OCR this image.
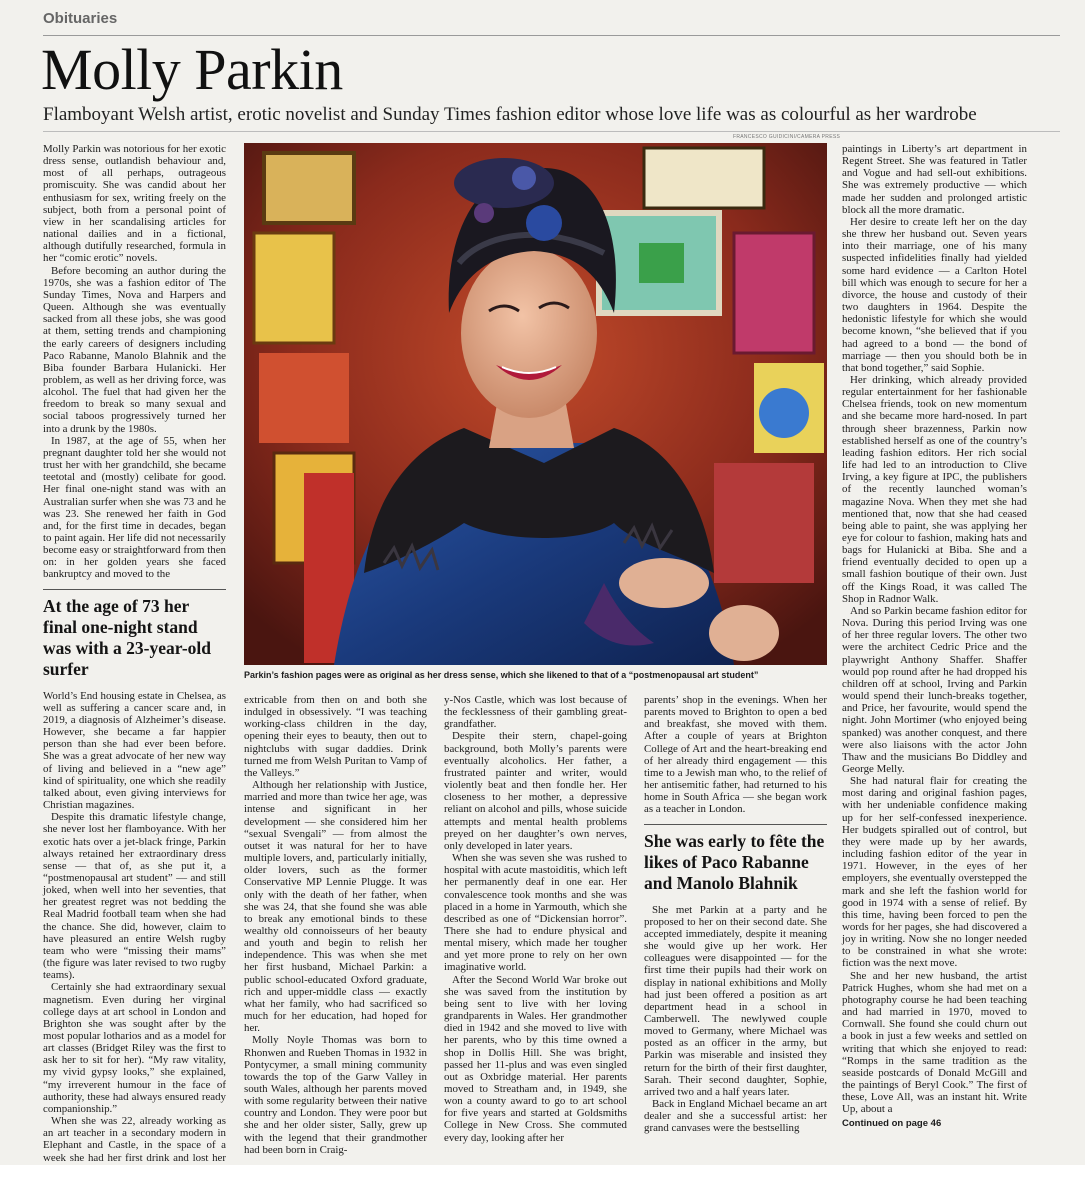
Obituaries
Molly Parkin
Flamboyant Welsh artist, erotic novelist and Sunday Times fashion editor whose love life was as colourful as her wardrobe

Molly Parkin was notorious for her exotic dress sense, outlandish behaviour and, most of all perhaps, outrageous promiscuity. She was candid about her enthusiasm for sex, writing freely on the subject, both from a personal point of view in her scandalising articles for national dailies and in a fictional, although dutifully researched, formula in her “comic erotic” novels.

Before becoming an author during the 1970s, she was a fashion editor of The Sunday Times, Nova and Harpers and Queen. Although she was eventually sacked from all these jobs, she was good at them, setting trends and championing the early careers of designers including Paco Rabanne, Manolo Blahnik and the Biba founder Barbara Hulanicki. Her problem, as well as her driving force, was alcohol. The fuel that had given her the freedom to break so many sexual and social taboos progressively turned her into a drunk by the 1980s.

In 1987, at the age of 55, when her pregnant daughter told her she would not trust her with her grandchild, she became teetotal and (mostly) celibate for good. Her final one-night stand was with an Australian surfer when she was 73 and he was 23. She renewed her faith in God and, for the first time in decades, began to paint again. Her life did not necessarily become easy or straightforward from then on: in her golden years she faced bankruptcy and moved to the

At the age of 73 her final one-night stand was with a 23-year-old surfer

World’s End housing estate in Chelsea, as well as suffering a cancer scare and, in 2019, a diagnosis of Alzheimer’s disease. However, she became a far happier person than she had ever been before. She was a great advocate of her new way of living and believed in a “new age” kind of spirituality, one which she readily talked about, even giving interviews for Christian magazines.

Despite this dramatic lifestyle change, she never lost her flamboyance. With her exotic hats over a jet-black fringe, Parkin always retained her extraordinary dress sense — that of, as she put it, a “postmenopausal art student” — and still joked, when well into her seventies, that her greatest regret was not bedding the Real Madrid football team when she had the chance. She did, however, claim to have pleasured an entire Welsh rugby team who were “missing their mams” (the figure was later revised to two rugby teams).

Certainly she had extraordinary sexual magnetism. Even during her virginal college days at art school in London and Brighton she was sought after by the most popular lotharios and as a model for art classes (Bridget Riley was the first to ask her to sit for her). “My raw vitality, my vivid gypsy looks,” she explained, “my irreverent humour in the face of authority, these had always ensured ready companionship.”

When she was 22, already working as an art teacher in a secondary modern in Elephant and Castle, in the space of a week she had her first drink and lost her

FRANCESCO GUIDICINI/CAMERA PRESS
Parkin’s fashion pages were as original as her dress sense, which she likened to that of a “postmenopausal art student”

extricable from then on and both she indulged in obsessively. “I was teaching working-class children in the day, opening their eyes to beauty, then out to nightclubs with sugar daddies. Drink turned me from Welsh Puritan to Vamp of the Valleys.”

Although her relationship with Justice, married and more than twice her age, was intense and significant in her development — she considered him her “sexual Svengali” — from almost the outset it was natural for her to have multiple lovers, and, particularly initially, older lovers, such as the former Conservative MP Lennie Plugge. It was only with the death of her father, when she was 24, that she found she was able to break any emotional binds to these wealthy old connoisseurs of her beauty and youth and begin to relish her independence. This was when she met her first husband, Michael Parkin: a public school-educated Oxford graduate, rich and upper-middle class — exactly what her family, who had sacrificed so much for her education, had hoped for her.

Molly Noyle Thomas was born to Rhonwen and Rueben Thomas in 1932 in Pontycymer, a small mining community towards the top of the Garw Valley in south Wales, although her parents moved with some regularity between their native country and London. They were poor but she and her older sister, Sally, grew up with the legend that their grandmother had been born in Craig-

y-Nos Castle, which was lost because of the fecklessness of their gambling great-grandfather.

Despite their stern, chapel-going background, both Molly’s parents were eventually alcoholics. Her father, a frustrated painter and writer, would violently beat and then fondle her. Her closeness to her mother, a depressive reliant on alcohol and pills, whose suicide attempts and mental health problems preyed on her daughter’s own nerves, only developed in later years.

When she was seven she was rushed to hospital with acute mastoiditis, which left her permanently deaf in one ear. Her convalescence took months and she was placed in a home in Yarmouth, which she described as one of “Dickensian horror”. There she had to endure physical and mental misery, which made her tougher and yet more prone to rely on her own imaginative world.

After the Second World War broke out she was saved from the institution by being sent to live with her loving grandparents in Wales. Her grandmother died in 1942 and she moved to live with her parents, who by this time owned a shop in Dollis Hill. She was bright, passed her 11-plus and was even singled out as Oxbridge material. Her parents moved to Streatham and, in 1949, she won a county award to go to art school for five years and started at Goldsmiths College in New Cross. She commuted every day, looking after her

parents’ shop in the evenings. When her parents moved to Brighton to open a bed and breakfast, she moved with them. After a couple of years at Brighton College of Art and the heart-breaking end of her already third engagement — this time to a Jewish man who, to the relief of her antisemitic father, had returned to his home in South Africa — she began work as a teacher in London.

She was early to fête the likes of Paco Rabanne and Manolo Blahnik

She met Parkin at a party and he proposed to her on their second date. She accepted immediately, despite it meaning she would give up her work. Her colleagues were disappointed — for the first time their pupils had their work on display in national exhibitions and Molly had just been offered a position as art department head in a school in Camberwell. The newlywed couple moved to Germany, where Michael was posted as an officer in the army, but Parkin was miserable and insisted they return for the birth of their first daughter, Sarah. Their second daughter, Sophie, arrived two and a half years later.

Back in England Michael became an art dealer and she a successful artist: her grand canvases were the bestselling

paintings in Liberty’s art department in Regent Street. She was featured in Tatler and Vogue and had sell-out exhibitions. She was extremely productive — which made her sudden and prolonged artistic block all the more dramatic.

Her desire to create left her on the day she threw her husband out. Seven years into their marriage, one of his many suspected infidelities finally had yielded some hard evidence — a Carlton Hotel bill which was enough to secure for her a divorce, the house and custody of their two daughters in 1964. Despite the hedonistic lifestyle for which she would become known, “she believed that if you had agreed to a bond — the bond of marriage — then you should both be in that bond together,” said Sophie.

Her drinking, which already provided regular entertainment for her fashionable Chelsea friends, took on new momentum and she became more hard-nosed. In part through sheer brazenness, Parkin now established herself as one of the country’s leading fashion editors. Her rich social life had led to an introduction to Clive Irving, a key figure at IPC, the publishers of the recently launched woman’s magazine Nova. When they met she had mentioned that, now that she had ceased being able to paint, she was applying her eye for colour to fashion, making hats and bags for Hulanicki at Biba. She and a friend eventually decided to open up a small fashion boutique of their own. Just off the Kings Road, it was called The Shop in Radnor Walk.

And so Parkin became fashion editor for Nova. During this period Irving was one of her three regular lovers. The other two were the architect Cedric Price and the playwright Anthony Shaffer. Shaffer would pop round after he had dropped his children off at school, Irving and Parkin would spend their lunch-breaks together, and Price, her favourite, would spend the night. John Mortimer (who enjoyed being spanked) was another conquest, and there were also liaisons with the actor John Thaw and the musicians Bo Diddley and George Melly.

She had natural flair for creating the most daring and original fashion pages, with her undeniable confidence making up for her self-confessed inexperience. Her budgets spiralled out of control, but they were made up by her awards, including fashion editor of the year in 1971. However, in the eyes of her employers, she eventually overstepped the mark and she left the fashion world for good in 1974 with a sense of relief. By this time, having been forced to pen the words for her pages, she had discovered a joy in writing. Now she no longer needed to be constrained in what she wrote: fiction was the next move.

She and her new husband, the artist Patrick Hughes, whom she had met on a photography course he had been teaching and had married in 1970, moved to Cornwall. She found she could churn out a book in just a few weeks and settled on writing that which she enjoyed to read: “Romps in the same tradition as the seaside postcards of Donald McGill and the paintings of Beryl Cook.” The first of these, Love All, was an instant hit. Write Up, about a

Continued on page 46
